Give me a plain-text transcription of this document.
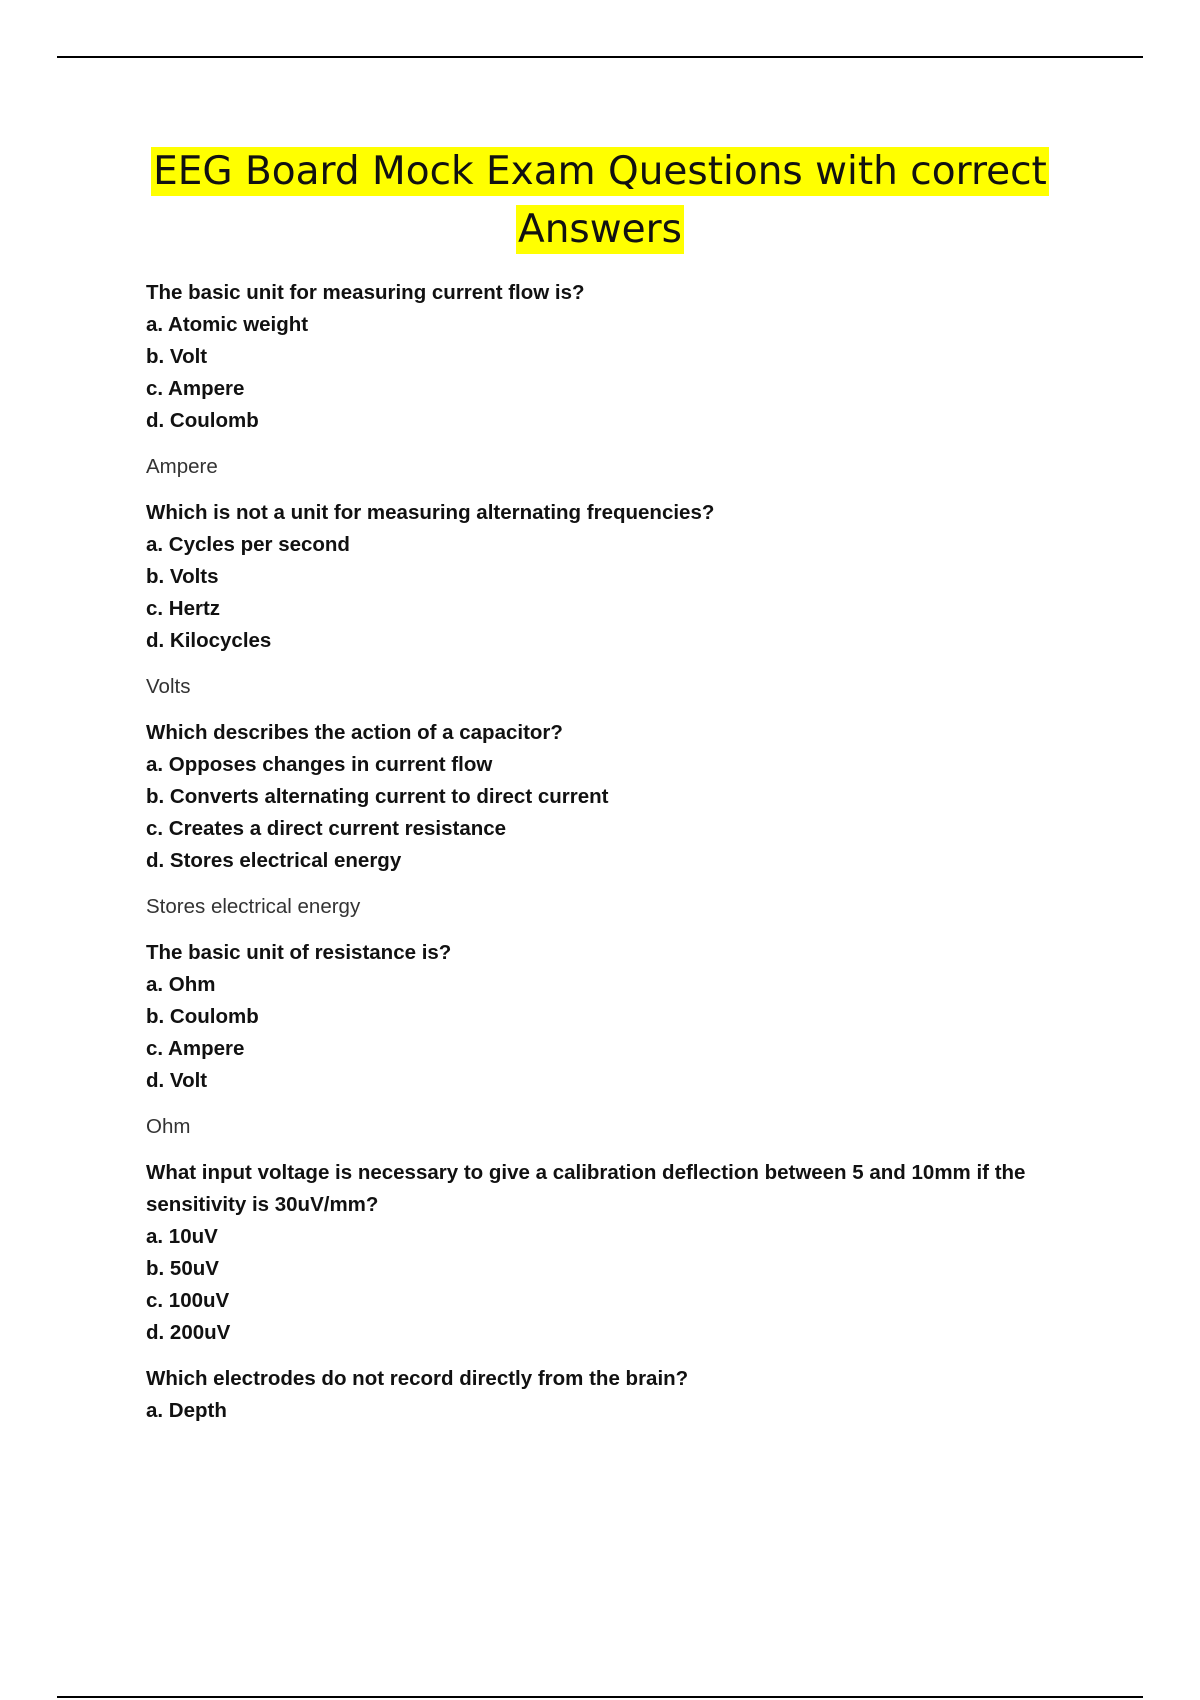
EEG Board Mock Exam Questions with correct
Answers
The basic unit for measuring current flow is?
a. Atomic weight
b. Volt
c. Ampere
d. Coulomb
Ampere
Which is not a unit for measuring alternating frequencies?
a. Cycles per second
b. Volts
c. Hertz
d. Kilocycles
Volts
Which describes the action of a capacitor?
a. Opposes changes in current flow
b. Converts alternating current to direct current
c. Creates a direct current resistance
d. Stores electrical energy
Stores electrical energy
The basic unit of resistance is?
a. Ohm
b. Coulomb
c. Ampere
d. Volt
Ohm
What input voltage is necessary to give a calibration deflection between 5 and 10mm if the sensitivity is 30uV/mm?
a. 10uV
b. 50uV
c. 100uV
d. 200uV
Which electrodes do not record directly from the brain?
a. Depth
